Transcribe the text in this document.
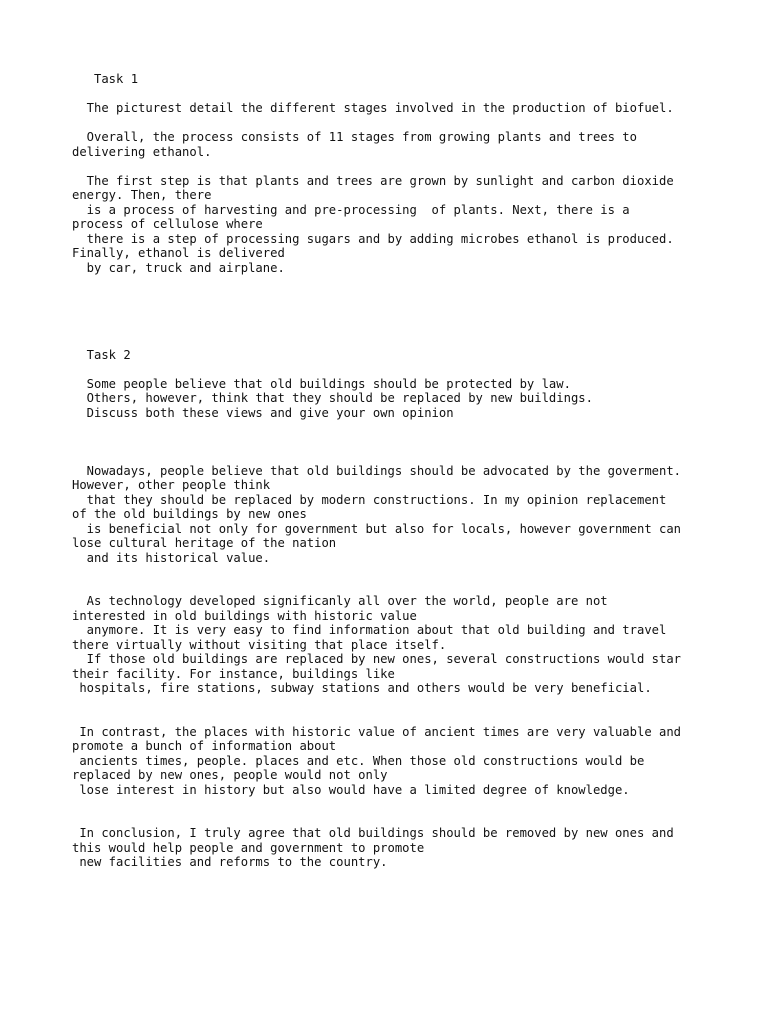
Task 1
The picturest detail the different stages involved in the production of biofuel.
Overall, the process consists of 11 stages from growing plants and trees to
delivering ethanol.
The first step is that plants and trees are grown by sunlight and carbon dioxide
energy. Then, there
is a process of harvesting and pre-processing  of plants. Next, there is a
process of cellulose where
there is a step of processing sugars and by adding microbes ethanol is produced.
Finally, ethanol is delivered
by car, truck and airplane.
Task 2
Some people believe that old buildings should be protected by law.
Others, however, think that they should be replaced by new buildings.
Discuss both these views and give your own opinion
Nowadays, people believe that old buildings should be advocated by the goverment.
However, other people think
that they should be replaced by modern constructions. In my opinion replacement
of the old buildings by new ones
is beneficial not only for government but also for locals, however government can
lose cultural heritage of the nation
and its historical value.
As technology developed significanly all over the world, people are not
interested in old buildings with historic value
anymore. It is very easy to find information about that old building and travel
there virtually without visiting that place itself.
If those old buildings are replaced by new ones, several constructions would star
their facility. For instance, buildings like
hospitals, fire stations, subway stations and others would be very beneficial.
In contrast, the places with historic value of ancient times are very valuable and
promote a bunch of information about
ancients times, people. places and etc. When those old constructions would be
replaced by new ones, people would not only
lose interest in history but also would have a limited degree of knowledge.
In conclusion, I truly agree that old buildings should be removed by new ones and
this would help people and government to promote
new facilities and reforms to the country.
